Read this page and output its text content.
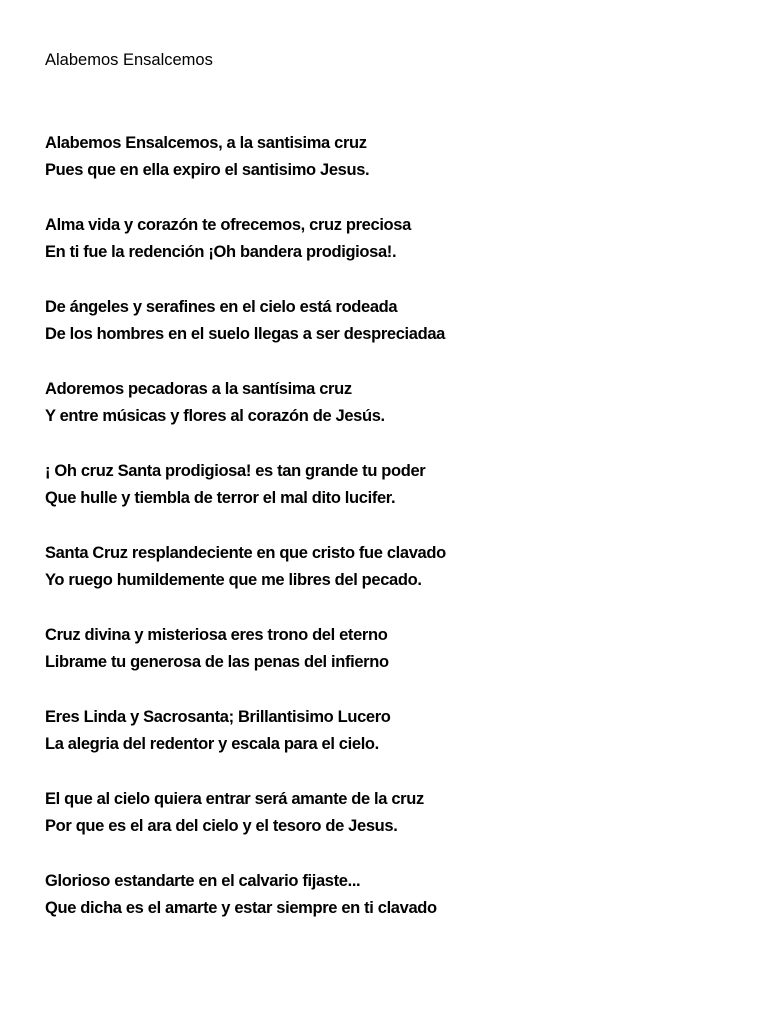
Alabemos Ensalcemos
Alabemos Ensalcemos, a la santisima cruz
Pues que en ella expiro el santisimo Jesus.
Alma vida y corazón te ofrecemos, cruz preciosa
En ti fue la redención ¡Oh bandera prodigiosa!.
De ángeles y serafines en el cielo está rodeada
De los hombres en el suelo llegas a ser despreciadaa
Adoremos pecadoras a la santísima cruz
Y entre músicas y flores al corazón de Jesús.
¡ Oh cruz Santa prodigiosa! es tan grande tu poder
Que hulle y tiembla de terror el mal dito lucifer.
Santa Cruz resplandeciente en que cristo fue clavado
Yo ruego humildemente que me libres del pecado.
Cruz divina y misteriosa eres trono del eterno
Librame tu generosa de las penas del infierno
Eres Linda y Sacrosanta; Brillantisimo Lucero
La alegria del redentor y escala para el cielo.
El que al cielo quiera entrar será amante de la cruz
Por que es el ara del cielo y el tesoro de Jesus.
Glorioso estandarte en el calvario fijaste...
Que dicha es el amarte y estar siempre en ti clavado
